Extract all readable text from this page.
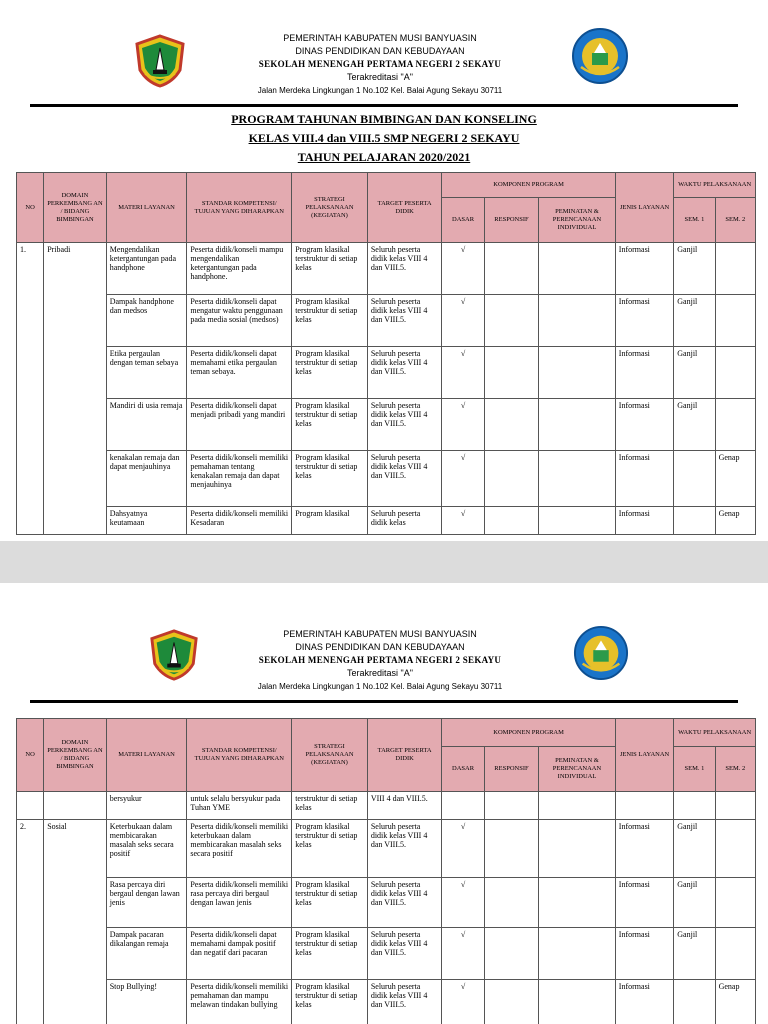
PEMERINTAH KABUPATEN MUSI BANYUASIN
DINAS PENDIDIKAN DAN KEBUDAYAAN
SEKOLAH MENENGAH PERTAMA NEGERI 2 SEKAYU
Terakreditasi "A"
Jalan Merdeka Lingkungan 1 No.102 Kel. Balai Agung Sekayu 30711
PROGRAM TAHUNAN BIMBINGAN DAN KONSELING
KELAS VIII.4 dan VIII.5 SMP NEGERI 2 SEKAYU
TAHUN PELAJARAN 2020/2021
NO	DOMAIN PERKEMBANG AN / BIDANG BIMBINGAN	MATERI LAYANAN	STANDAR KOMPETENSI/ TUJUAN YANG DIHARAPKAN	STRATEGI PELAKSANAAN (KEGIATAN)	TARGET PESERTA DIDIK	KOMPONEN PROGRAM			JENIS LAYANAN	WAKTU PELAKSANAAN	
						DASAR	RESPONSIF	PEMINATAN & PERENCANAAN INDIVIDUAL		SEM. 1	SEM. 2
1.	Pribadi	Mengendalikan ketergantungan pada handphone	Peserta didik/konseli mampu mengendalikan ketergantungan pada handphone.	Program klasikal terstruktur di setiap kelas	Seluruh peserta didik kelas VIII 4 dan VIII.5.	√			Informasi	Ganjil	
		Dampak handphone dan medsos	Peserta didik/konseli dapat mengatur waktu penggunaan pada media sosial (medsos)	Program klasikal terstruktur di setiap kelas	Seluruh peserta didik kelas VIII 4 dan VIII.5.	√			Informasi	Ganjil	
		Etika pergaulan dengan teman sebaya	Peserta didik/konseli dapat memahami etika pergaulan teman sebaya.	Program klasikal terstruktur di setiap kelas	Seluruh peserta didik kelas VIII 4 dan VIII.5.	√			Informasi	Ganjil	
		Mandiri di usia remaja	Peserta didik/konseli dapat menjadi pribadi yang mandiri	Program klasikal terstruktur di setiap kelas	Seluruh peserta didik kelas VIII 4 dan VIII.5.	√			Informasi	Ganjil	
		kenakalan remaja dan dapat menjauhinya	Peserta didik/konseli memiliki pemahaman tentang kenakalan remaja dan dapat menjauhinya	Program klasikal terstruktur di setiap kelas	Seluruh peserta didik kelas VIII 4 dan VIII.5.	√			Informasi		Genap
		Dahsyatnya keutamaan	Peserta didik/konseli memiliki Kesadaran	Program klasikal	Seluruh peserta didik kelas	√			Informasi		Genap
PEMERINTAH KABUPATEN MUSI BANYUASIN
DINAS PENDIDIKAN DAN KEBUDAYAAN
SEKOLAH MENENGAH PERTAMA NEGERI 2 SEKAYU
Terakreditasi "A"
Jalan Merdeka Lingkungan 1 No.102 Kel. Balai Agung Sekayu 30711
NO	DOMAIN PERKEMBANG AN / BIDANG BIMBINGAN	MATERI LAYANAN	STANDAR KOMPETENSI/ TUJUAN YANG DIHARAPKAN	STRATEGI PELAKSANAAN (KEGIATAN)	TARGET PESERTA DIDIK	KOMPONEN PROGRAM			JENIS LAYANAN	WAKTU PELAKSANAAN	
						DASAR	RESPONSIF	PEMINATAN & PERENCANAAN INDIVIDUAL		SEM. 1	SEM. 2
		bersyukur	untuk selalu bersyukur pada Tuhan YME	terstruktur di setiap kelas	VIII 4 dan VIII.5.						
2.	Sosial	Keterbukaan dalam membicarakan masalah seks secara positif	Peserta didik/konseli memiliki keterbukaan dalam membicarakan masalah seks secara positif	Program klasikal terstruktur di setiap kelas	Seluruh peserta didik kelas VIII 4 dan VIII.5.	√			Informasi	Ganjil	
		Rasa percaya diri bergaul dengan lawan jenis	Peserta didik/konseli memiliki rasa percaya diri bergaul dengan lawan jenis	Program klasikal terstruktur di setiap kelas	Seluruh peserta didik kelas VIII 4 dan VIII.5.	√			Informasi	Ganjil	
		Dampak pacaran dikalangan remaja	Peserta didik/konseli dapat memahami dampak positif dan negatif dari pacaran	Program klasikal terstruktur di setiap kelas	Seluruh peserta didik kelas VIII 4 dan VIII.5.	√			Informasi	Ganjil	
		Stop Bullying!	Peserta didik/konseli memiliki pemahaman dan mampu melawan tindakan bullying	Program klasikal terstruktur di setiap kelas	Seluruh peserta didik kelas VIII 4 dan VIII.5.	√			Informasi		Genap
